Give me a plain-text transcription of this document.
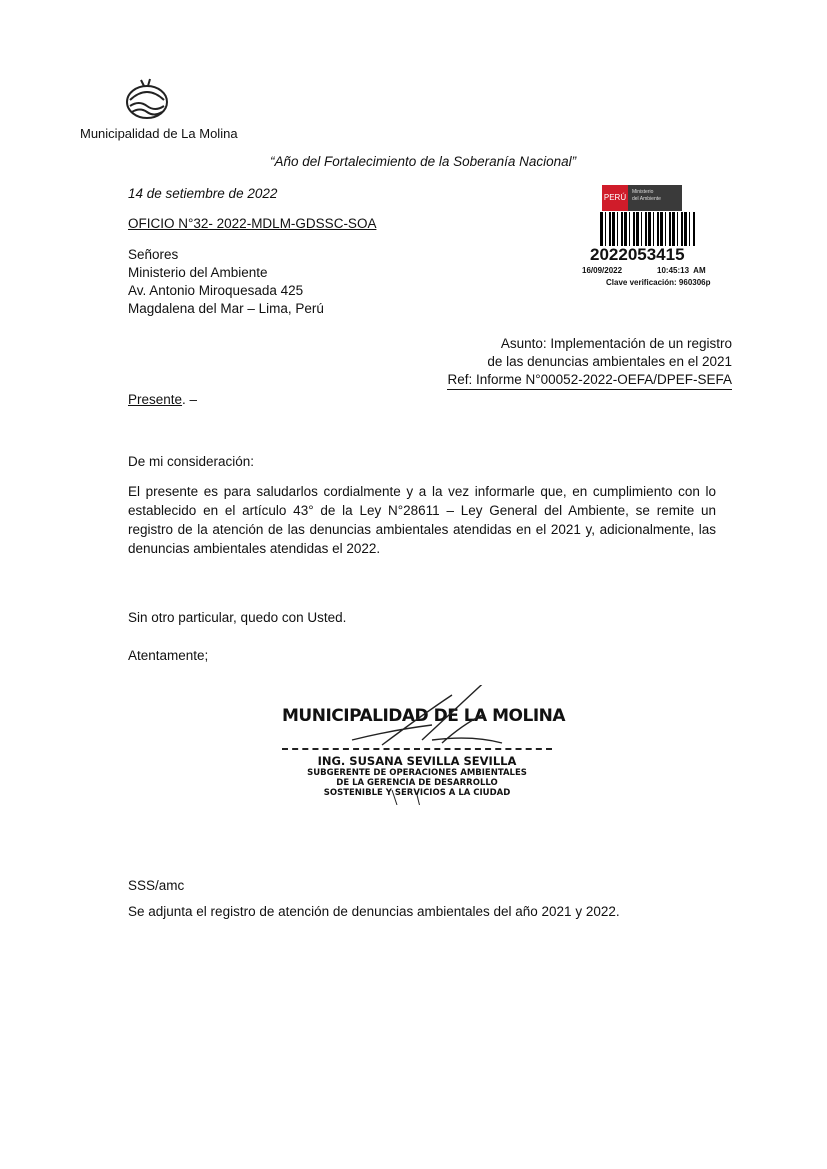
Municipalidad de La Molina
“Año del Fortalecimiento de la Soberanía Nacional”
14 de setiembre de 2022
OFICIO N°32- 2022-MDLM-GDSSC-SOA
PERÚ
Ministerio
del Ambiente
2022053415
16/09/2022	10:45:13  AM
Clave verificación: 960306p
Señores
Ministerio del Ambiente
Av. Antonio Miroquesada 425
Magdalena del Mar – Lima, Perú
Asunto: Implementación de un registro
de las denuncias ambientales en el 2021
Ref: Informe N°00052-2022-OEFA/DPEF-SEFA
Presente. –
De mi consideración:

El presente es para saludarlos cordialmente y a la vez informarle que, en cumplimiento con lo establecido en el artículo 43° de la Ley N°28611 – Ley General del Ambiente, se remite un registro de la atención de las denuncias ambientales atendidas en el 2021 y, adicionalmente, las denuncias ambientales atendidas el 2022.

Sin otro particular, quedo con Usted.
Atentamente;
MUNICIPALIDAD DE LA MOLINA
ING. SUSANA SEVILLA SEVILLA
SUBGERENTE DE OPERACIONES AMBIENTALES
DE LA GERENCIA DE DESARROLLO
SOSTENIBLE Y SERVICIOS A LA CIUDAD
SSS/amc
Se adjunta el registro de atención de denuncias ambientales del año 2021 y 2022.
